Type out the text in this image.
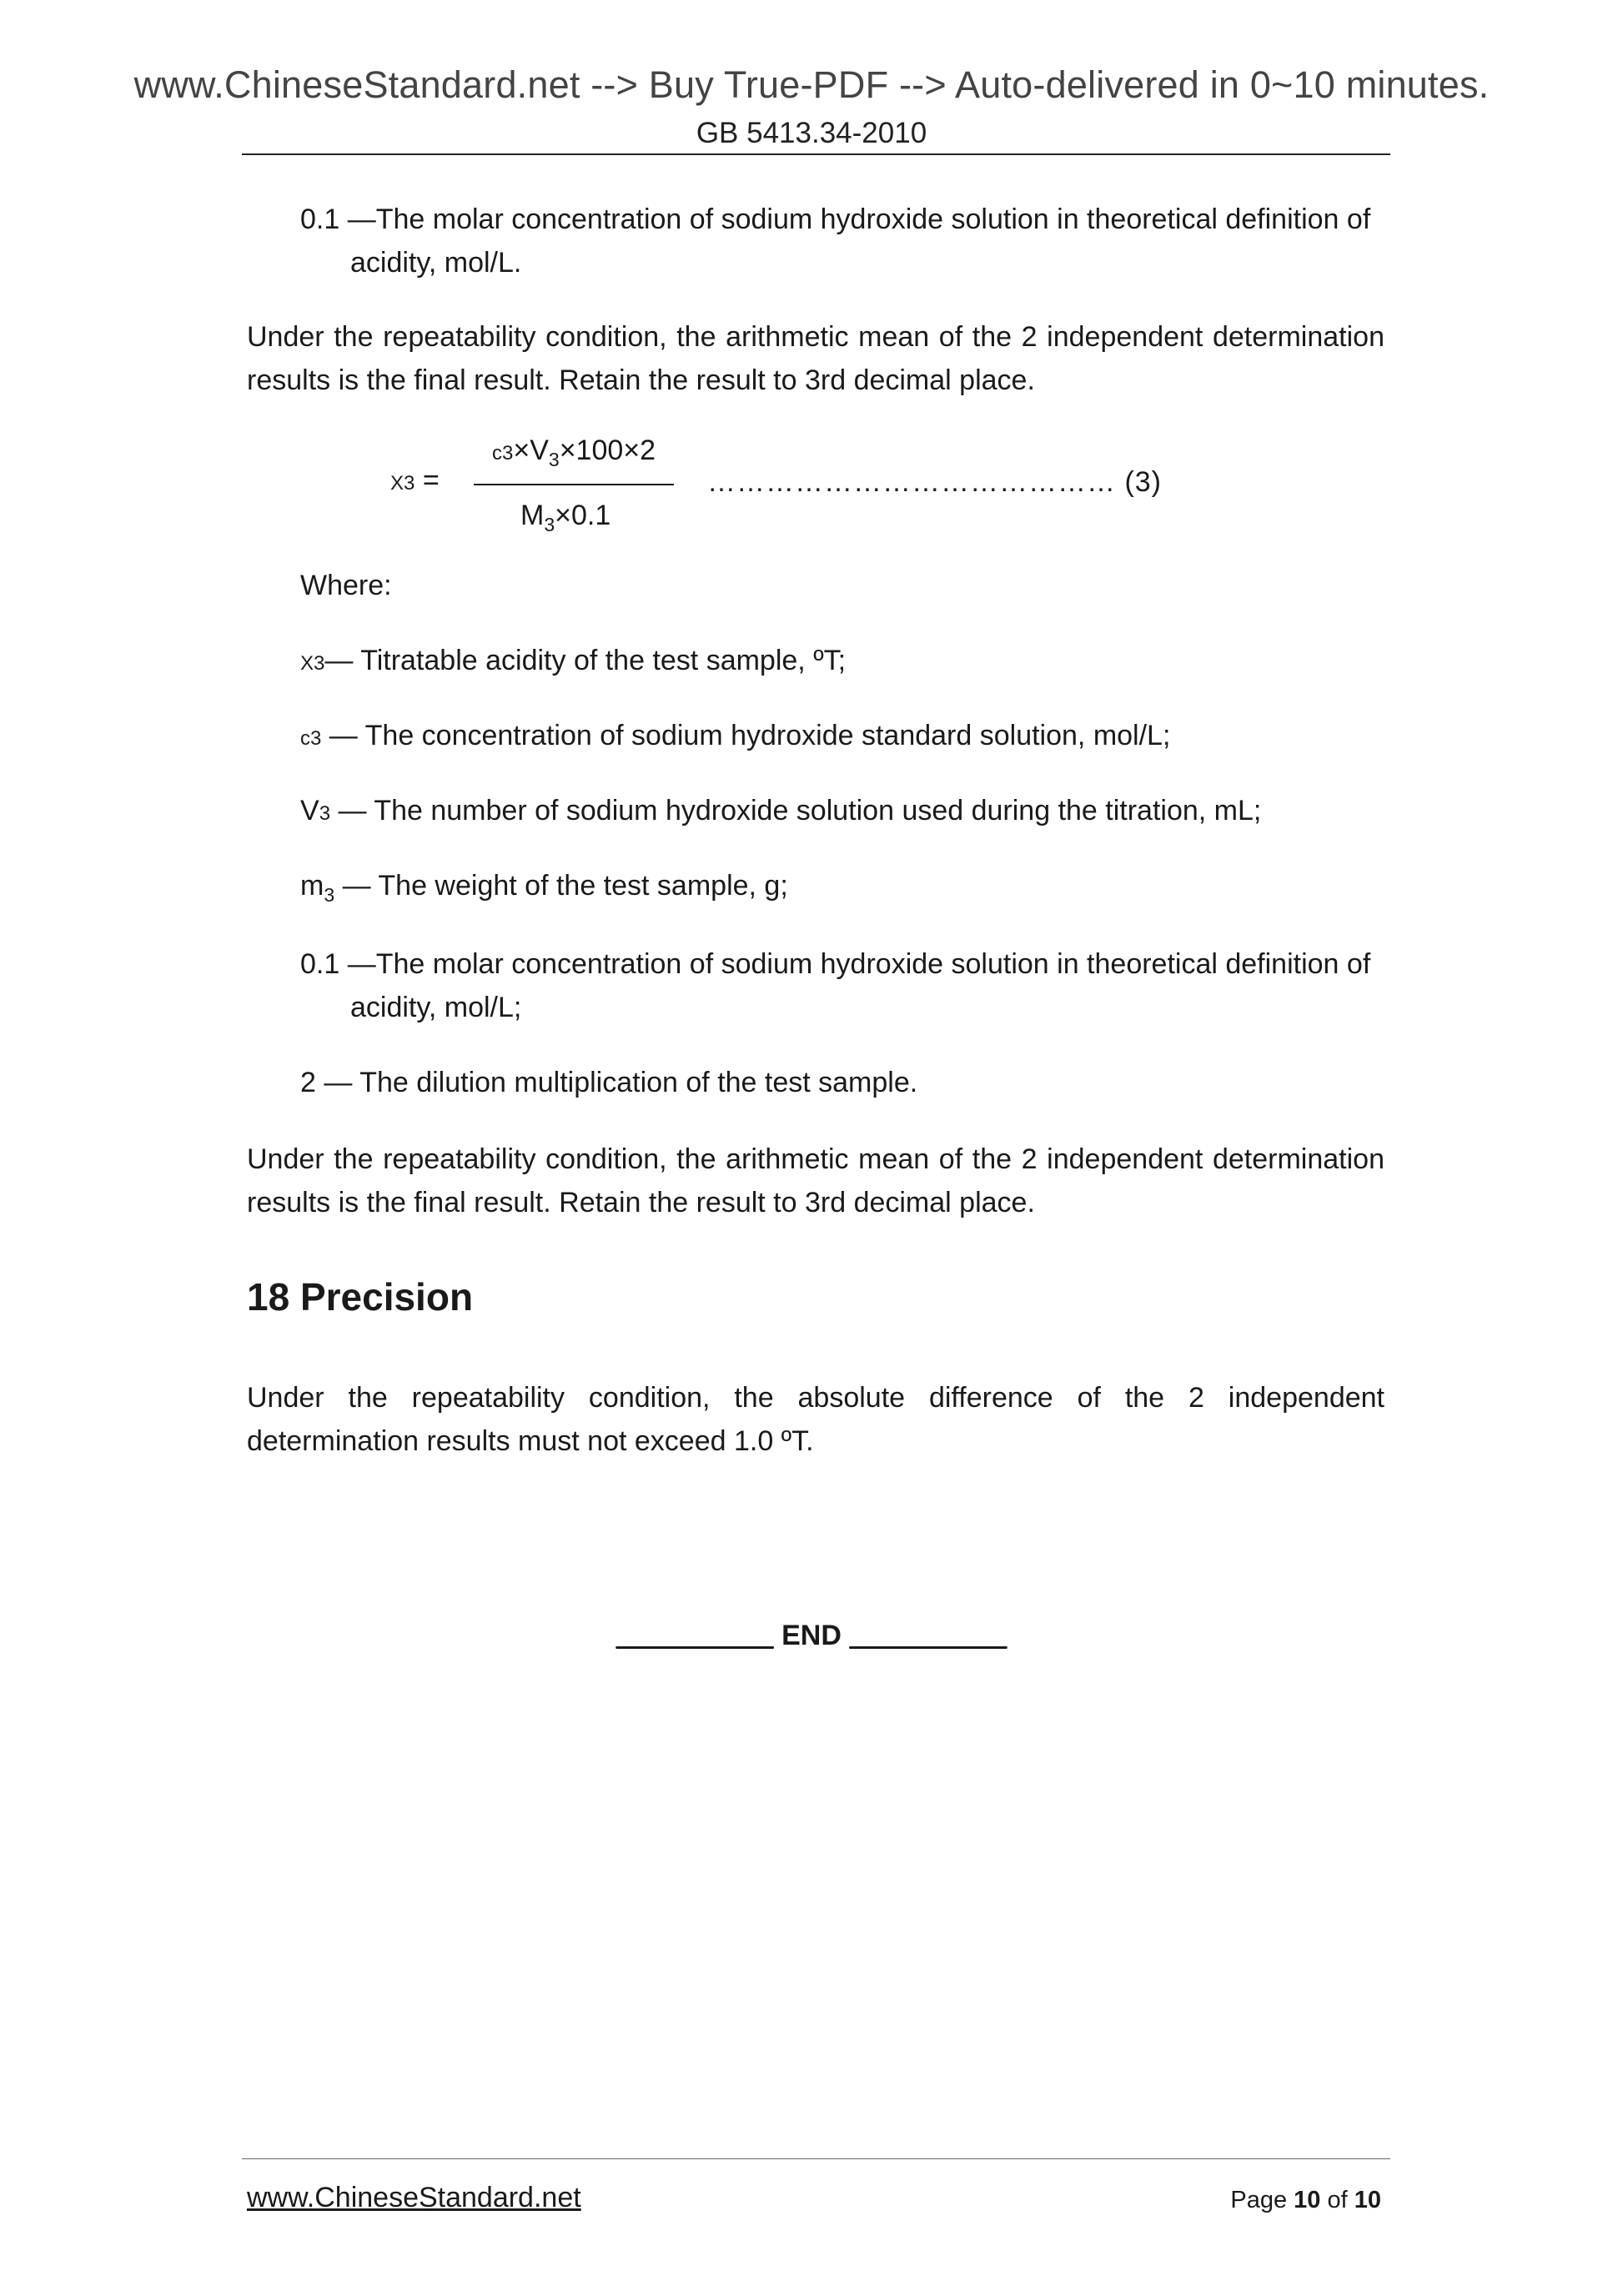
www.ChineseStandard.net --> Buy True-PDF --> Auto-delivered in 0~10 minutes.
GB 5413.34-2010
0.1 —The molar concentration of sodium hydroxide solution in theoretical definition of acidity, mol/L.
Under the repeatability condition, the arithmetic mean of the 2 independent determination results is the final result. Retain the result to 3rd decimal place.
X3 =
$c3\times V_3\times 100\times 2$
$M_3\times 0.1$
…………………………………… (3)
Where:
X3— Titratable acidity of the test sample, ºT;
c3 — The concentration of sodium hydroxide standard solution, mol/L;
V3 — The number of sodium hydroxide solution used during the titration, mL;
$m_3$ — The weight of the test sample, g;
0.1 —The molar concentration of sodium hydroxide solution in theoretical definition of acidity, mol/L;
2 — The dilution multiplication of the test sample.
Under the repeatability condition, the arithmetic mean of the 2 independent determination results is the final result. Retain the result to 3rd decimal place.
18 Precision
Under the repeatability condition, the absolute difference of the 2 independent determination results must not exceed 1.0 ºT.
__________ END __________
www.ChineseStandard.net	Page 10 of 10
